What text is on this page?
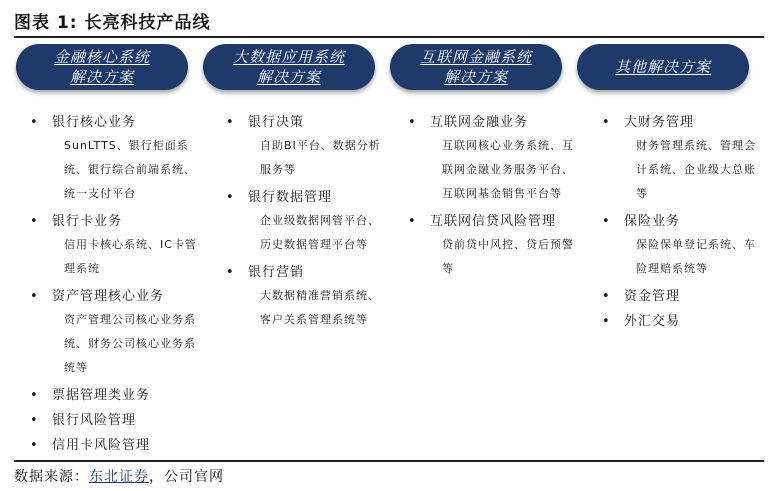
图表 1: 长亮科技产品线
金融核心系统
解决方案
大数据应用系统
解决方案
互联网金融系统
解决方案
其他解决方案
• 银行核心业务
SunLTTS、银行柜面系统、银行综合前端系统、统一支付平台
• 银行卡业务
信用卡核心系统、IC卡管理系统
• 资产管理核心业务
资产管理公司核心业务系统、财务公司核心业务系统等
• 票据管理类业务
• 银行风险管理
• 信用卡风险管理
• 银行决策
自助BI平台、数据分析服务等
• 银行数据管理
企业级数据网管平台、历史数据管理平台等
• 银行营销
大数据精准营销系统、客户关系管理系统等
• 互联网金融业务
互联网核心业务系统、互联网金融业务服务平台、互联网基金销售平台等
• 互联网信贷风险管理
贷前贷中风控、贷后预警等
• 大财务管理
财务管理系统、管理会计系统、企业级大总账等
• 保险业务
保险保单登记系统、车险理赔系统等
• 资金管理
• 外汇交易
数据来源：东北证券，公司官网
